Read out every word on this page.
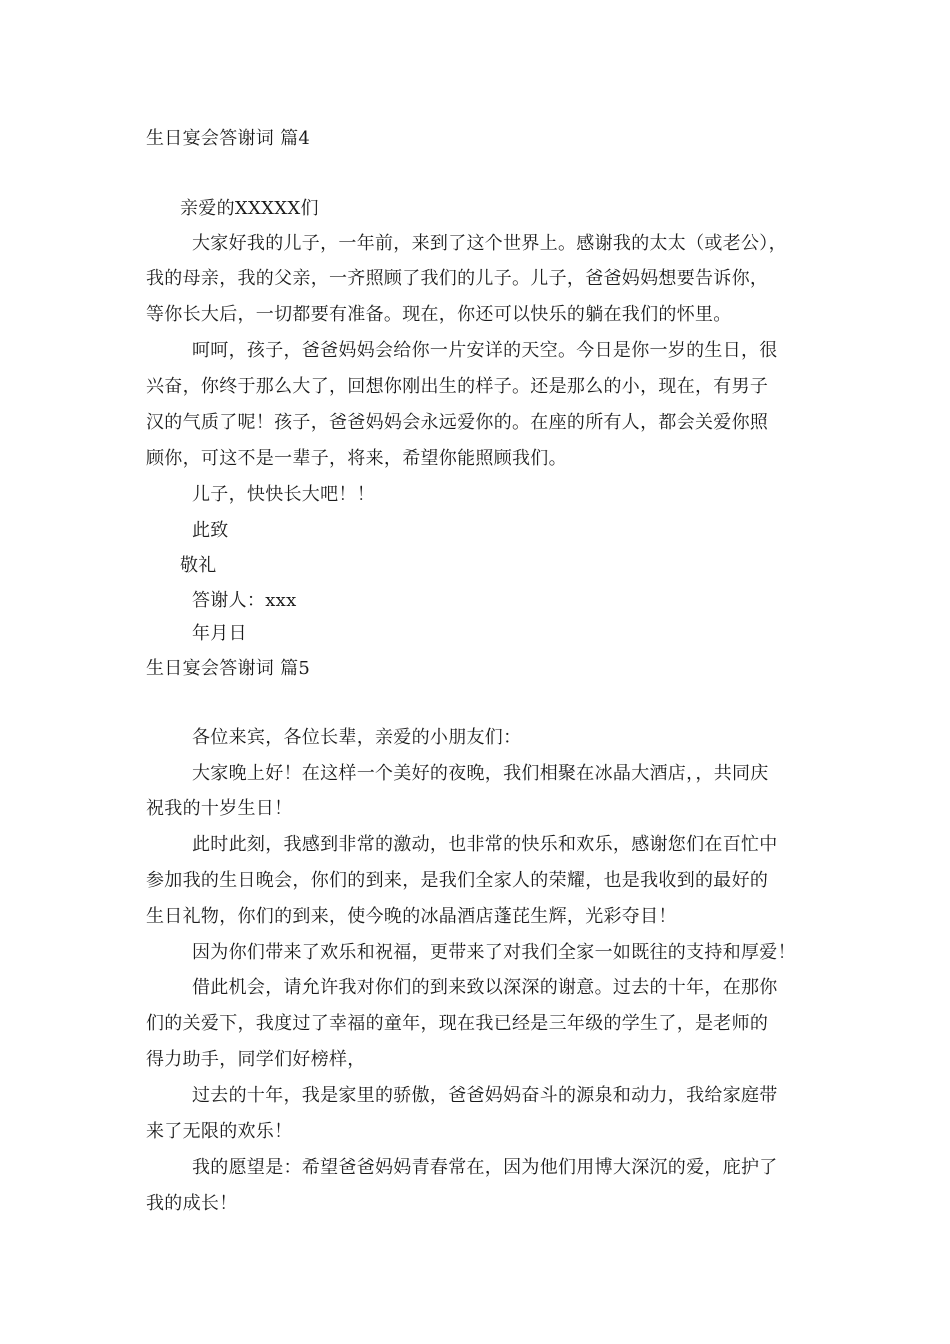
生日宴会答谢词 篇4
亲爱的XXXXX们
大家好我的儿子，一年前，来到了这个世界上。感谢我的太太（或老公），
我的母亲，我的父亲，一齐照顾了我们的儿子。儿子，爸爸妈妈想要告诉你，
等你长大后，一切都要有准备。现在，你还可以快乐的躺在我们的怀里。
呵呵，孩子，爸爸妈妈会给你一片安详的天空。今日是你一岁的生日，很
兴奋，你终于那么大了，回想你刚出生的样子。还是那么的小，现在，有男子
汉的气质了呢！孩子，爸爸妈妈会永远爱你的。在座的所有人，都会关爱你照
顾你，可这不是一辈子，将来，希望你能照顾我们。
儿子，快快长大吧！！
此致
敬礼
答谢人：xxx
年月日
生日宴会答谢词 篇5
各位来宾，各位长辈，亲爱的小朋友们：
大家晚上好！在这样一个美好的夜晚，我们相聚在冰晶大酒店，，共同庆
祝我的十岁生日！
此时此刻，我感到非常的激动，也非常的快乐和欢乐，感谢您们在百忙中
参加我的生日晚会，你们的到来，是我们全家人的荣耀，也是我收到的最好的
生日礼物，你们的到来，使今晚的冰晶酒店蓬芘生辉，光彩夺目！
因为你们带来了欢乐和祝福，更带来了对我们全家一如既往的支持和厚爱！
借此机会，请允许我对你们的到来致以深深的谢意。过去的十年，在那你
们的关爱下，我度过了幸福的童年，现在我已经是三年级的学生了，是老师的
得力助手，同学们好榜样，
过去的十年，我是家里的骄傲，爸爸妈妈奋斗的源泉和动力，我给家庭带
来了无限的欢乐！
我的愿望是：希望爸爸妈妈青春常在，因为他们用博大深沉的爱，庇护了
我的成长！
